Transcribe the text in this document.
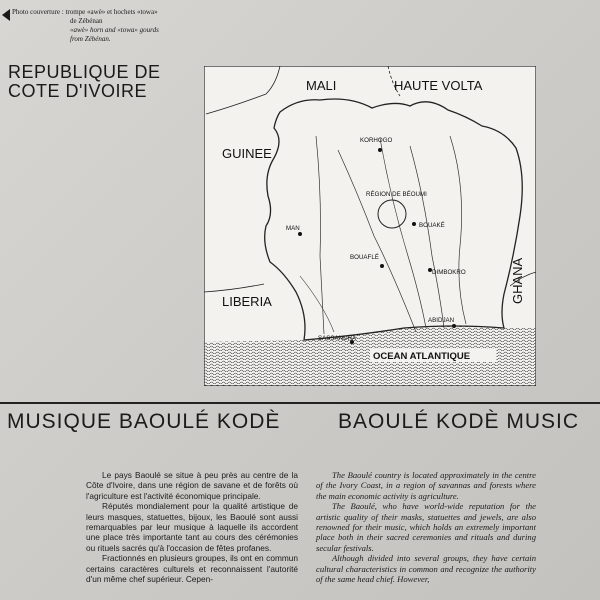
Photo couverture : trompe «awè» et hochets «towa»
de Zébénan
«awè» horn and «towa» gourds
from Zébénan.
REPUBLIQUE DE
COTE D'IVOIRE	MALI	HAUTE VOLTA
GUINEE
LIBERIA	GHANA
KORHOGO
RÉGION DE BÉOUMI
BOUAKÉ
MAN
BOUAFLÉ
DIMBOKRO
ABIDJAN
SASSANDRA
OCEAN ATLANTIQUE
MUSIQUE BAOULÉ KODÈ	BAOULÉ KODÈ MUSIC

Le pays Baoulé se situe à peu près au centre de la Côte d'Ivoire, dans une région de savane et de forêts où l'agriculture est l'activité économique principale.

Réputés mondialement pour la qualité artistique de leurs masques, statuettes, bijoux, les Baoulé sont aussi remarquables par leur musique à laquelle ils accordent une place très importante tant au cours des cérémonies ou rituels sacrés qu'à l'occasion de fêtes profanes.

Fractionnés en plusieurs groupes, ils ont en commun certains caractères culturels et reconnaissent l'autorité d'un même chef supérieur. Cepen-

The Baoulé country is located approximately in the centre of the Ivory Coast, in a region of savannas and forests where the main economic activity is agriculture.

The Baoulé, who have world-wide reputation for the artistic quality of their masks, statuettes and jewels, are also renowned for their music, which holds an extremely important place both in their sacred ceremonies and rituals and during secular festivals.

Although divided into several groups, they have certain cultural characteristics in common and recognize the authority of the same head chief. However,
